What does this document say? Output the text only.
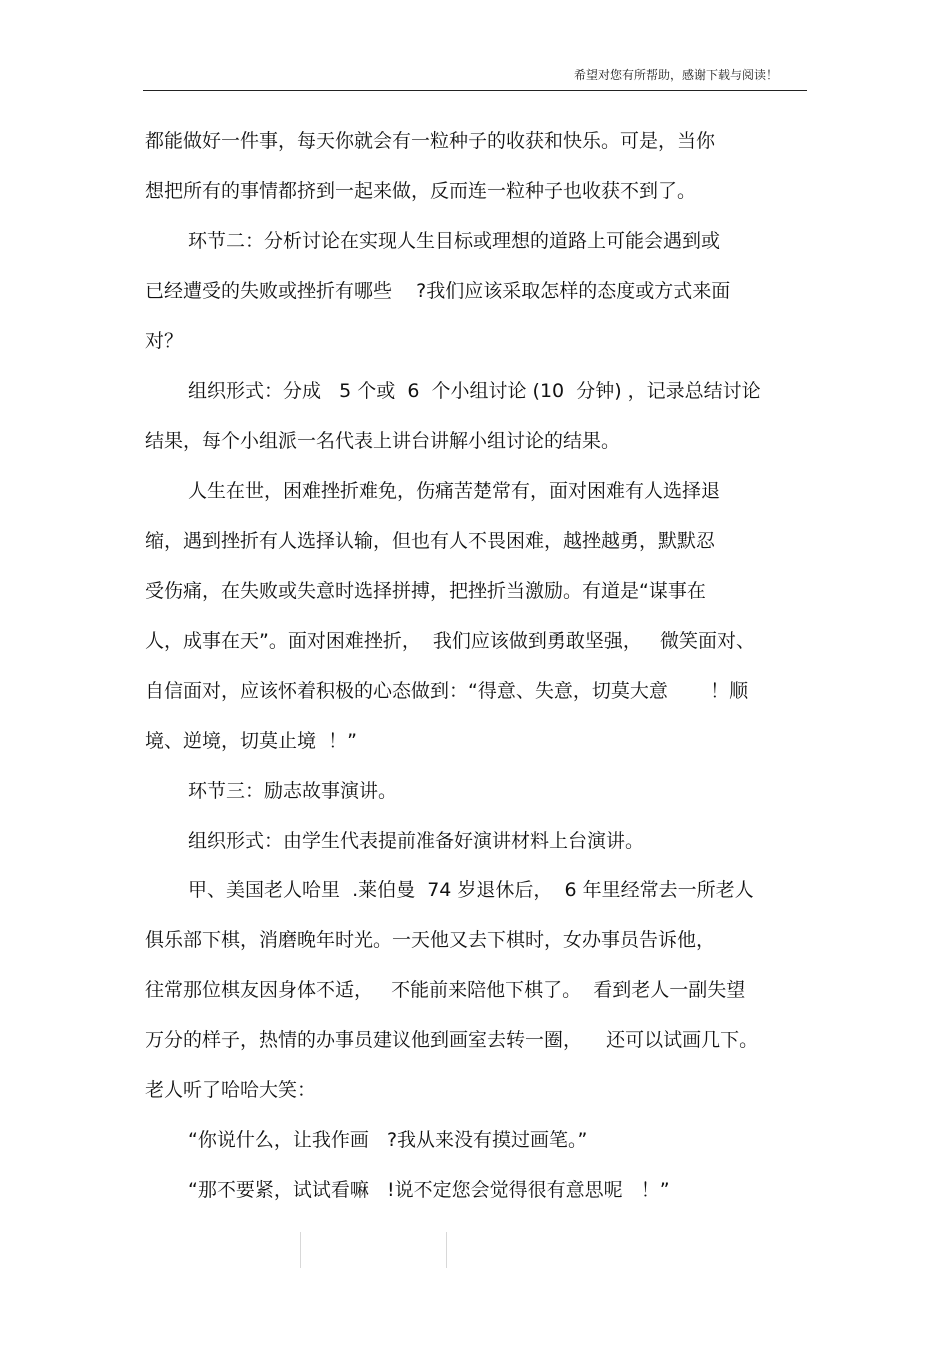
希望对您有所帮助，感谢下载与阅读！
都能做好一件事，每天你就会有一粒种子的收获和快乐。可是，当你
想把所有的事情都挤到一起来做，反而连一粒种子也收获不到了。
环节二：分析讨论在实现人生目标或理想的道路上可能会遇到或
已经遭受的失败或挫折有哪些    ?我们应该采取怎样的态度或方式来面
对？
组织形式：分成   5 个或  6  个小组讨论 (10  分钟) ，记录总结讨论
结果，每个小组派一名代表上讲台讲解小组讨论的结果。
人生在世，困难挫折难免，伤痛苦楚常有，面对困难有人选择退
缩，遇到挫折有人选择认输，但也有人不畏困难，越挫越勇，默默忍
受伤痛，在失败或失意时选择拼搏，把挫折当激励。有道是“谋事在
人，成事在天”。面对困难挫折，  我们应该做到勇敢坚强，   微笑面对、
自信面对，应该怀着积极的心态做到：“得意、失意，切莫大意       ！顺
境、逆境，切莫止境  ！”
环节三：励志故事演讲。
组织形式：由学生代表提前准备好演讲材料上台演讲。
甲、美国老人哈里  .莱伯曼  74 岁退休后，  6 年里经常去一所老人
俱乐部下棋，消磨晚年时光。一天他又去下棋时，女办事员告诉他，
往常那位棋友因身体不适，   不能前来陪他下棋了。  看到老人一副失望
万分的样子，热情的办事员建议他到画室去转一圈，    还可以试画几下。
老人听了哈哈大笑：
“你说什么，让我作画   ?我从来没有摸过画笔。”
“那不要紧，试试看嘛   !说不定您会觉得很有意思呢   ！”
